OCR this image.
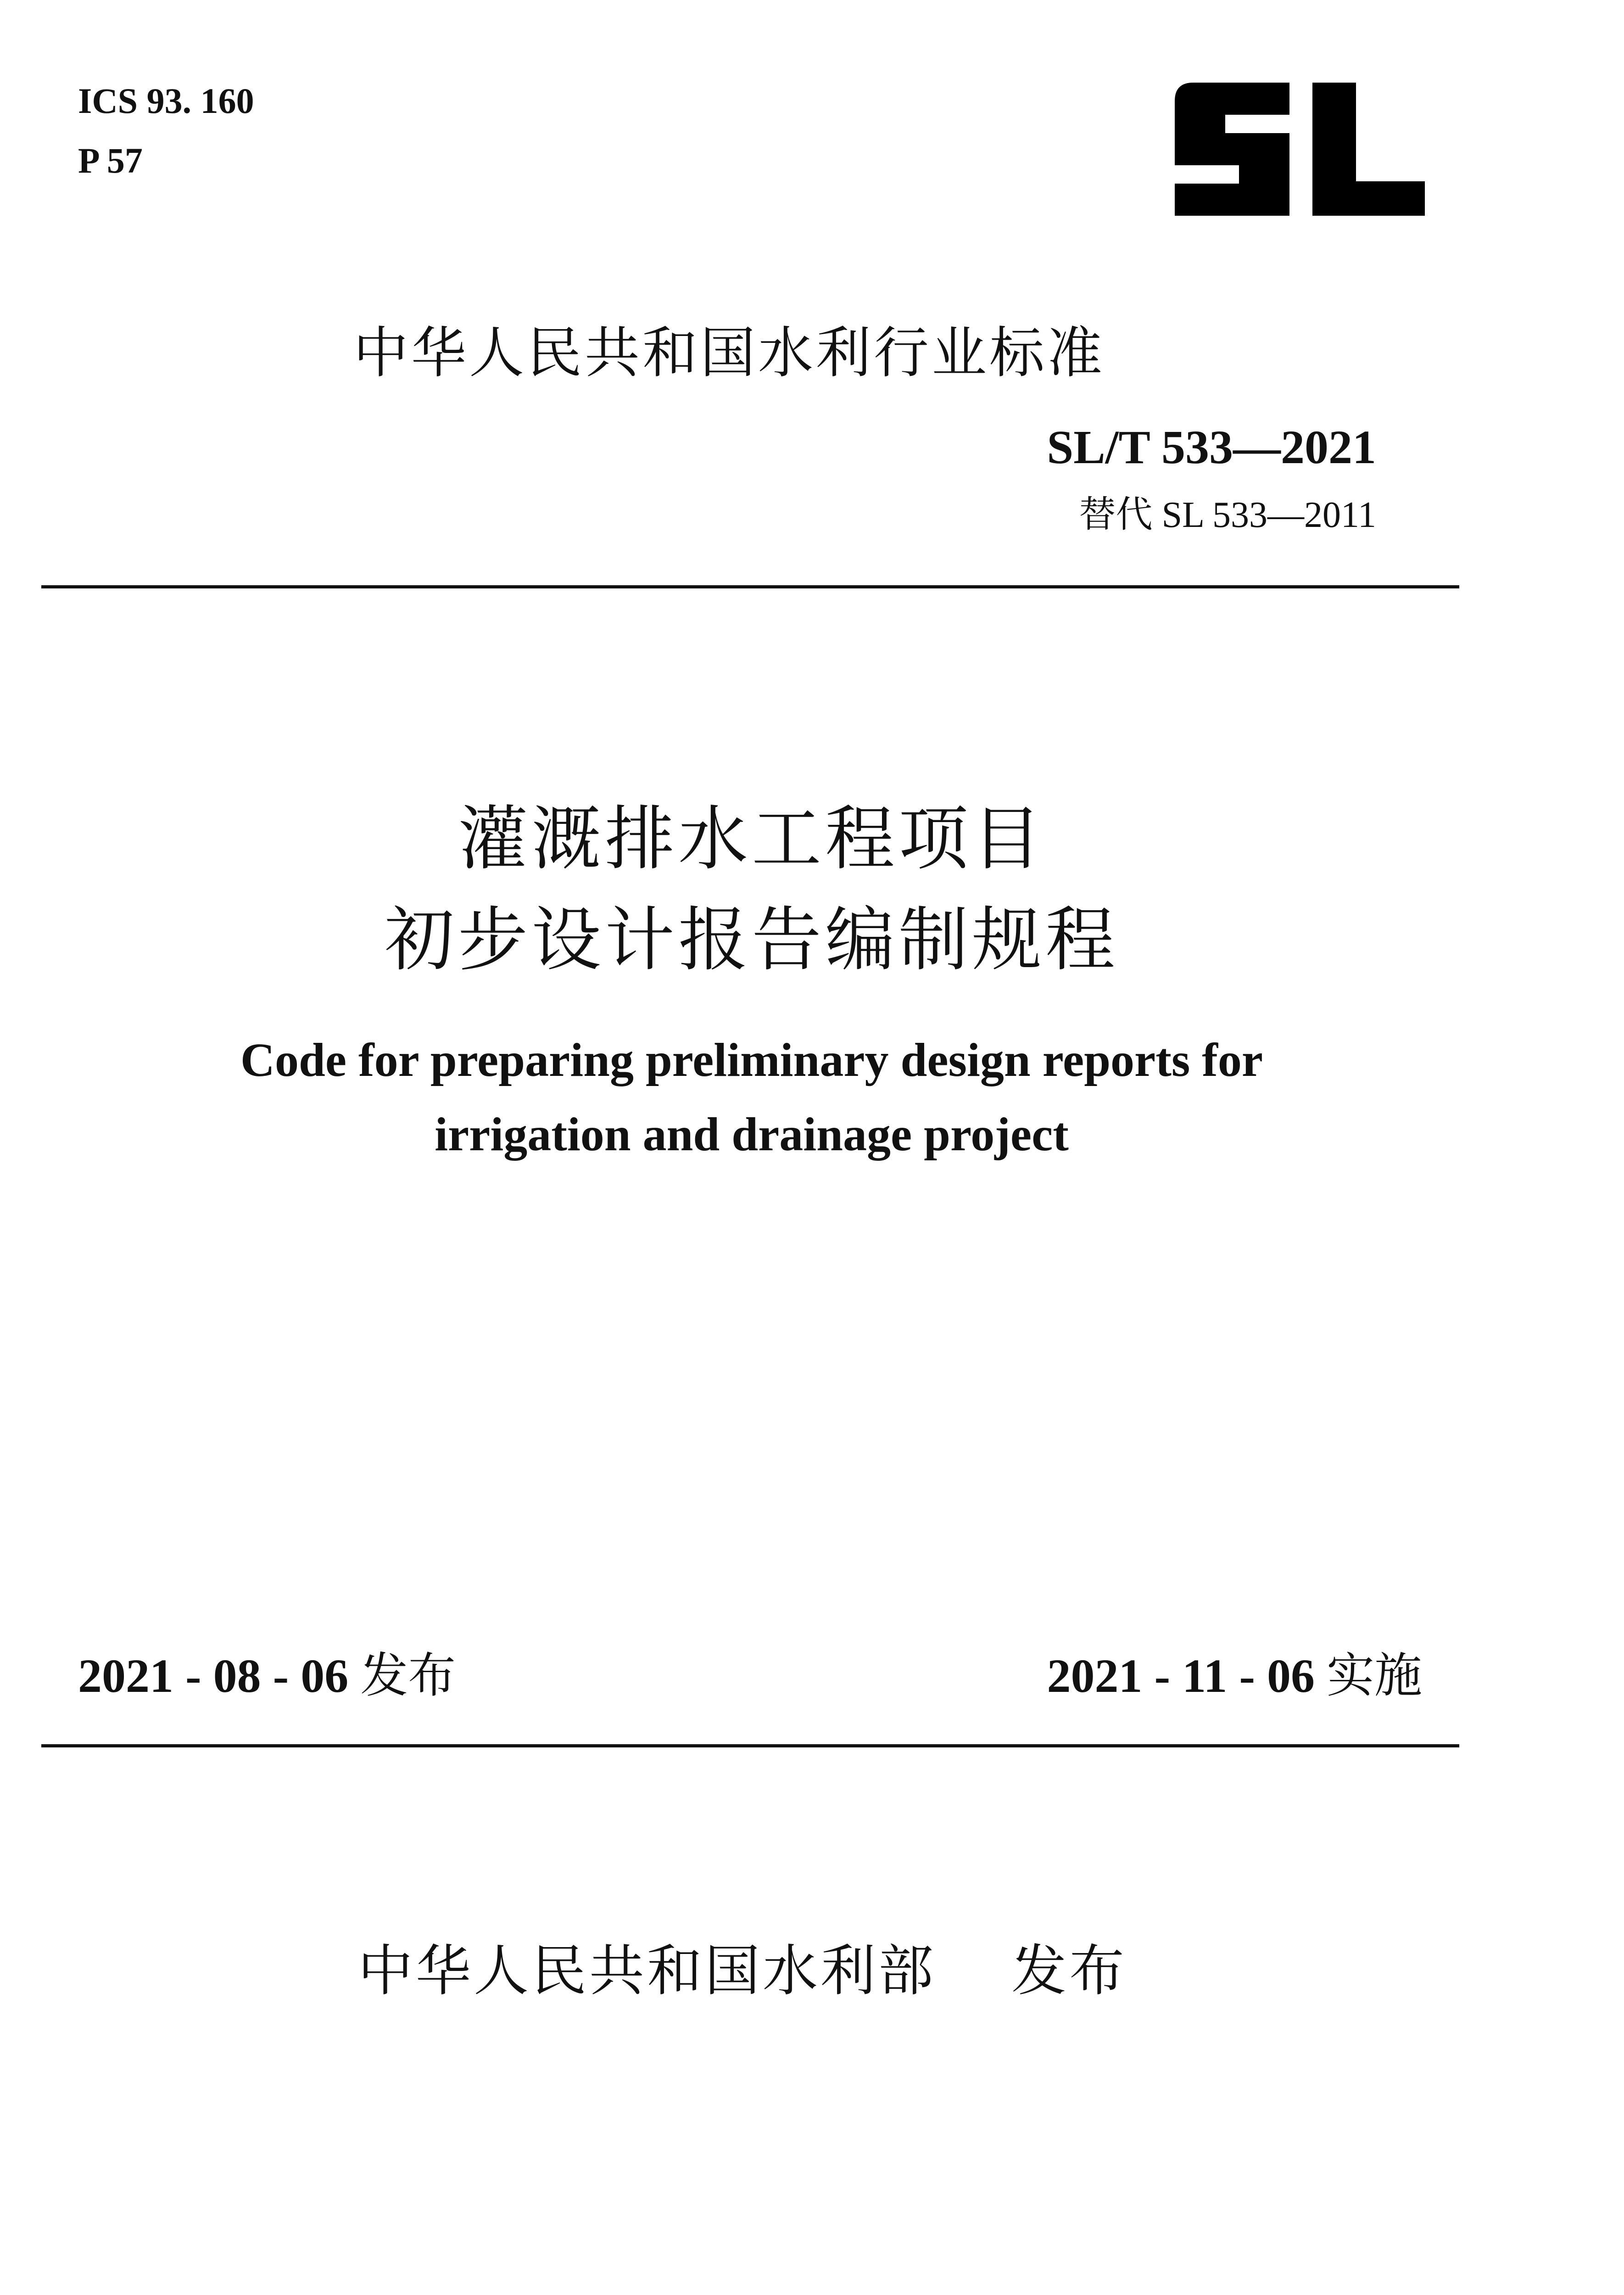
ICS 93. 160
P 57
中华人民共和国水利行业标准
SL/T 533—2021
替代 SL 533—2011
灌溉排水工程项目
初步设计报告编制规程
Code for preparing preliminary design reports for
irrigation and drainage project
2021 - 08 - 06 发布	2021 - 11 - 06 实施
中华人民共和国水利部 发布
